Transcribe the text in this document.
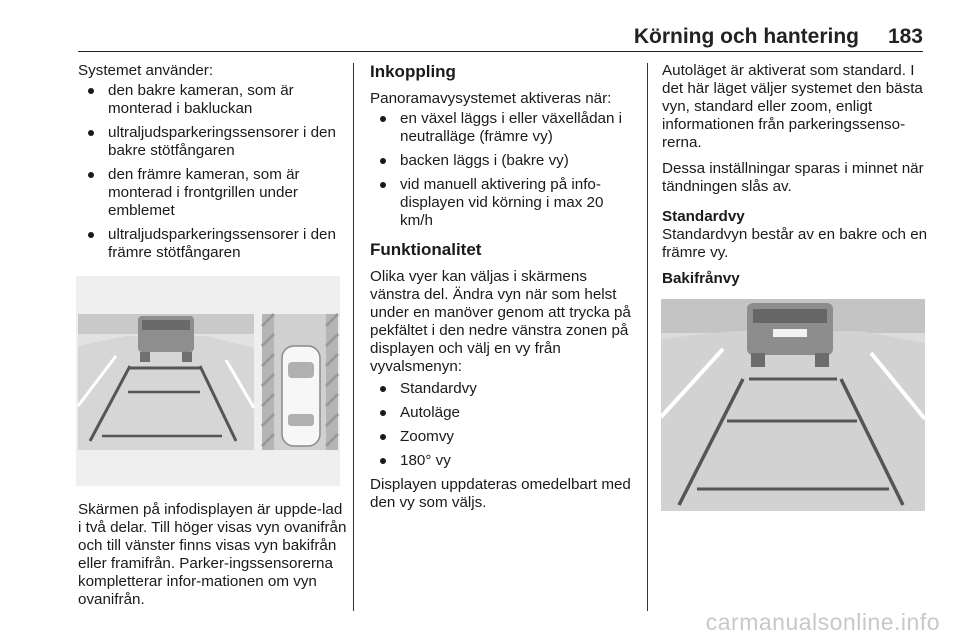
Körning och hantering 183

Systemet använder:

den bakre kameran, som är monterad i bakluckan
ultraljudsparkeringssensorer i den bakre stötfångaren
den främre kameran, som är monterad i frontgrillen under emblemet
ultraljudsparkeringssensorer i den främre stötfångaren

Skärmen på infodisplayen är uppde-lad i två delar. Till höger visas vyn ovanifrån och till vänster finns visas vyn bakifrån eller framifrån. Parker-ingssensorerna kompletterar infor-mationen om vyn ovanifrån.

Inkoppling

Panoramavysystemet aktiveras när:

en växel läggs i eller växellådan i neutralläge (främre vy)
backen läggs i (bakre vy)
vid manuell aktivering på info-displayen vid körning i max 20 km/h
Funktionalitet

Olika vyer kan väljas i skärmens vänstra del. Ändra vyn när som helst under en manöver genom att trycka på pekfältet i den nedre vänstra zonen på displayen och välj en vy från vyvalsmenyn:

Standardvy
Autoläge
Zoomvy
180° vy

Displayen uppdateras omedelbart med den vy som väljs.

Autoläget är aktiverat som standard. I det här läget väljer systemet den bästa vyn, standard eller zoom, enligt informationen från parkeringssenso-rerna.

Dessa inställningar sparas i minnet när tändningen slås av.

Standardvy

Standardvyn består av en bakre och en främre vy.

Bakifrånvy
carmanualsonline.info
